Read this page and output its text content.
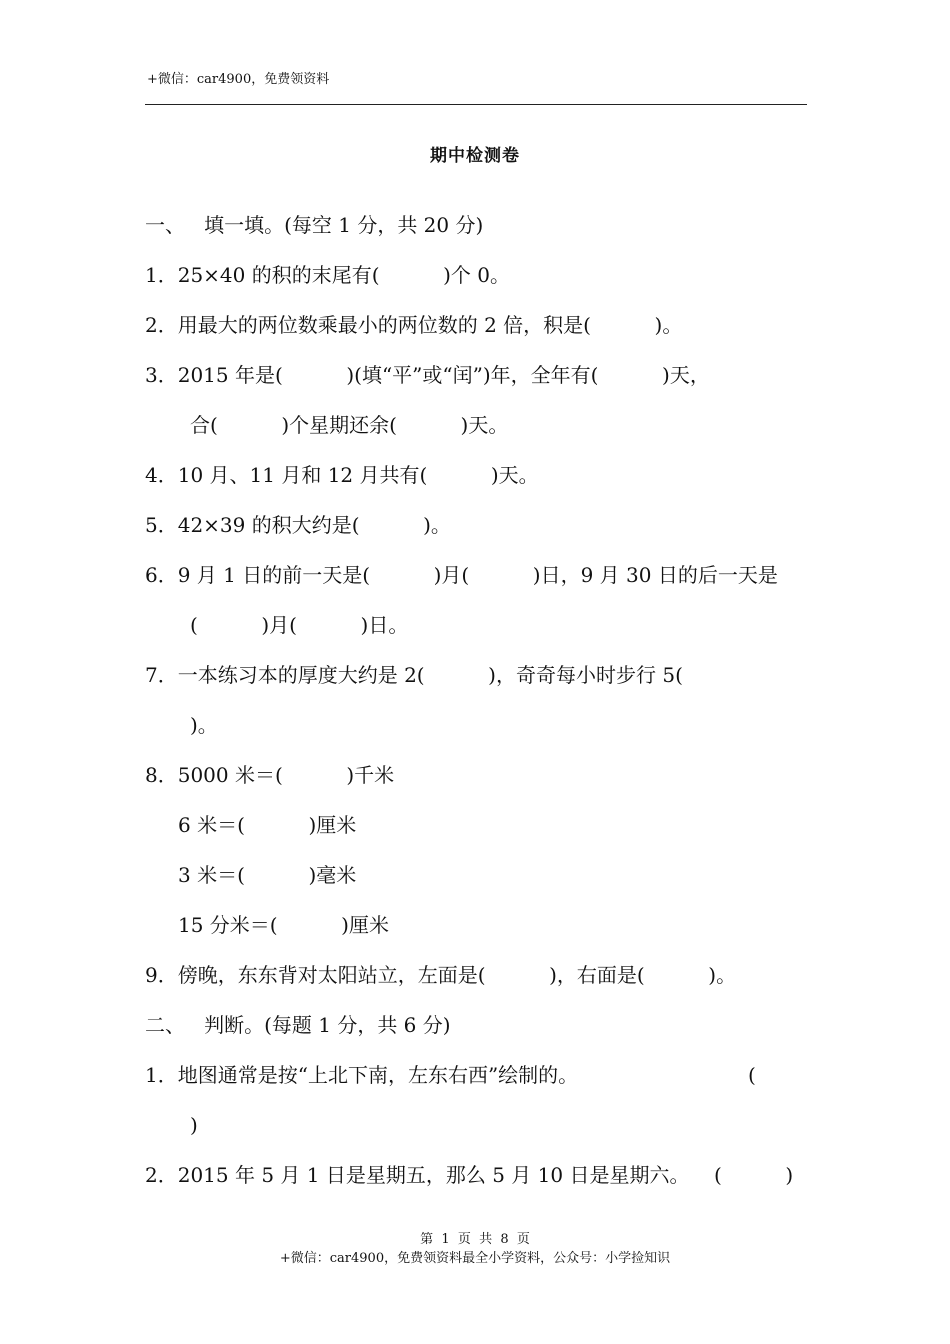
+微信：car4900，免费领资料
期中检测卷
一、   填一填。(每空 1 分，共 20 分)
1．25×40 的积的末尾有(          )个 0。
2．用最大的两位数乘最小的两位数的 2 倍，积是(          )。
3．2015 年是(          )(填“平”或“闰”)年，全年有(          )天，
合(          )个星期还余(          )天。
4．10 月、11 月和 12 月共有(          )天。
5．42×39 的积大约是(          )。
6．9 月 1 日的前一天是(          )月(          )日，9 月 30 日的后一天是
(          )月(          )日。
7．一本练习本的厚度大约是 2(          )，奇奇每小时步行 5(
)。
8．5000 米＝(          )千米
6 米＝(          )厘米
3 米＝(          )毫米
15 分米＝(          )厘米
9．傍晚，东东背对太阳站立，左面是(          )，右面是(          )。
二、   判断。(每题 1 分，共 6 分)
1．地图通常是按“上北下南，左东右西”绘制的。	(
)
2．2015 年 5 月 1 日是星期五，那么 5 月 10 日是星期六。 (          )
第  1  页  共  8  页
+微信：car4900，免费领资料最全小学资料，公众号：小学捡知识
